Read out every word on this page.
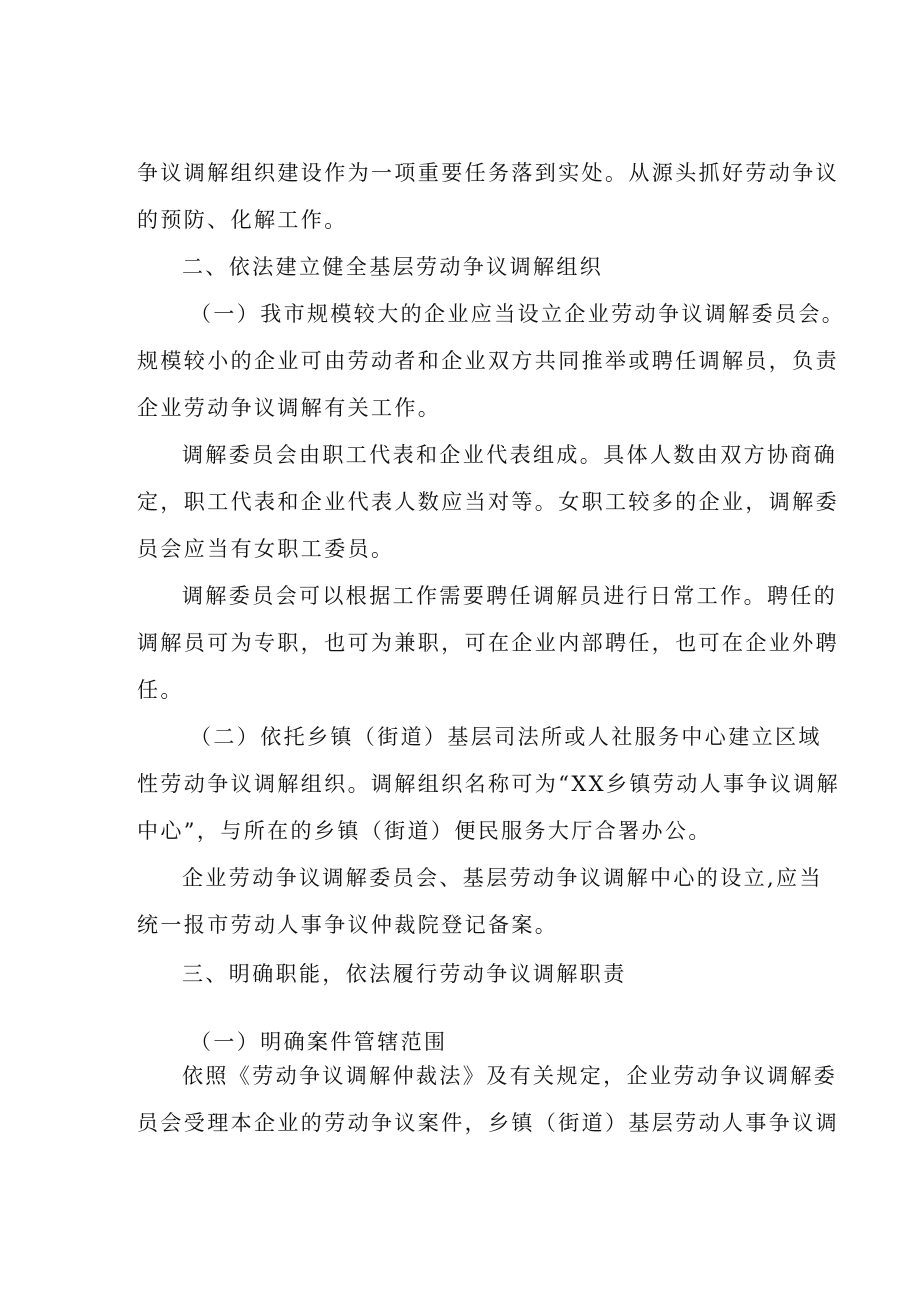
争议调解组织建设作为一项重要任务落到实处。从源头抓好劳动争议
的预防、化解工作。
二、依法建立健全基层劳动争议调解组织
（一）我市规模较大的企业应当设立企业劳动争议调解委员会。
规模较小的企业可由劳动者和企业双方共同推举或聘任调解员，负责
企业劳动争议调解有关工作。
调解委员会由职工代表和企业代表组成。具体人数由双方协商确
定，职工代表和企业代表人数应当对等。女职工较多的企业，调解委
员会应当有女职工委员。
调解委员会可以根据工作需要聘任调解员进行日常工作。聘任的
调解员可为专职，也可为兼职，可在企业内部聘任，也可在企业外聘
任。
（二）依托乡镇（街道）基层司法所或人社服务中心建立区域
性劳动争议调解组织。调解组织名称可为“XX乡镇劳动人事争议调解
中心”，与所在的乡镇（街道）便民服务大厅合署办公。
企业劳动争议调解委员会、基层劳动争议调解中心的设立,应当
统一报市劳动人事争议仲裁院登记备案。
三、明确职能，依法履行劳动争议调解职责
（一）明确案件管辖范围
依照《劳动争议调解仲裁法》及有关规定，企业劳动争议调解委
员会受理本企业的劳动争议案件，乡镇（街道）基层劳动人事争议调
